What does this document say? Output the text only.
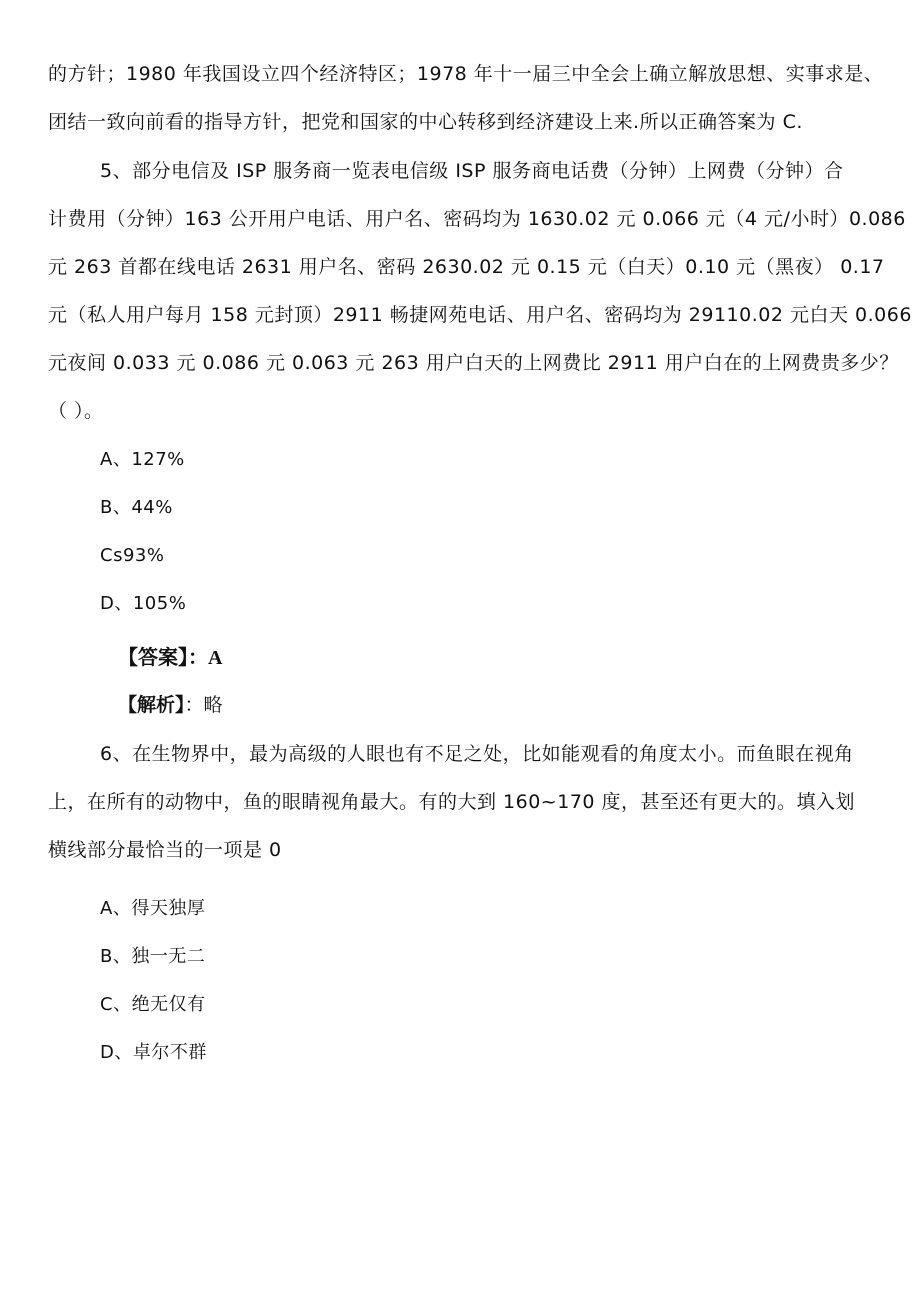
的方针；1980 年我国设立四个经济特区；1978 年十一届三中全会上确立解放思想、实事求是、
团结一致向前看的指导方针，把党和国家的中心转移到经济建设上来.所以正确答案为 C.
5、部分电信及 ISP 服务商一览表电信级 ISP 服务商电话费（分钟）上网费（分钟）合
计费用（分钟）163 公开用户电话、用户名、密码均为 1630.02 元 0.066 元（4 元/小时）0.086
元 263 首都在线电话 2631 用户名、密码 2630.02 元 0.15 元（白天）0.10 元（黑夜） 0.17
元（私人用户每月 158 元封顶）2911 畅捷网苑电话、用户名、密码均为 29110.02 元白天 0.066
元夜间 0.033 元 0.086 元 0.063 元 263 用户白天的上网费比 2911 用户白在的上网费贵多少？
（ ）。
A、127%
B、44%
Cs93%
D、105%
【答案】：A
【解析】：略
6、在生物界中，最为高级的人眼也有不足之处，比如能观看的角度太小。而鱼眼在视角
上，在所有的动物中，鱼的眼睛视角最大。有的大到 160~170 度，甚至还有更大的。填入划
横线部分最恰当的一项是 0
A、得天独厚
B、独一无二
C、绝无仅有
D、卓尔不群
